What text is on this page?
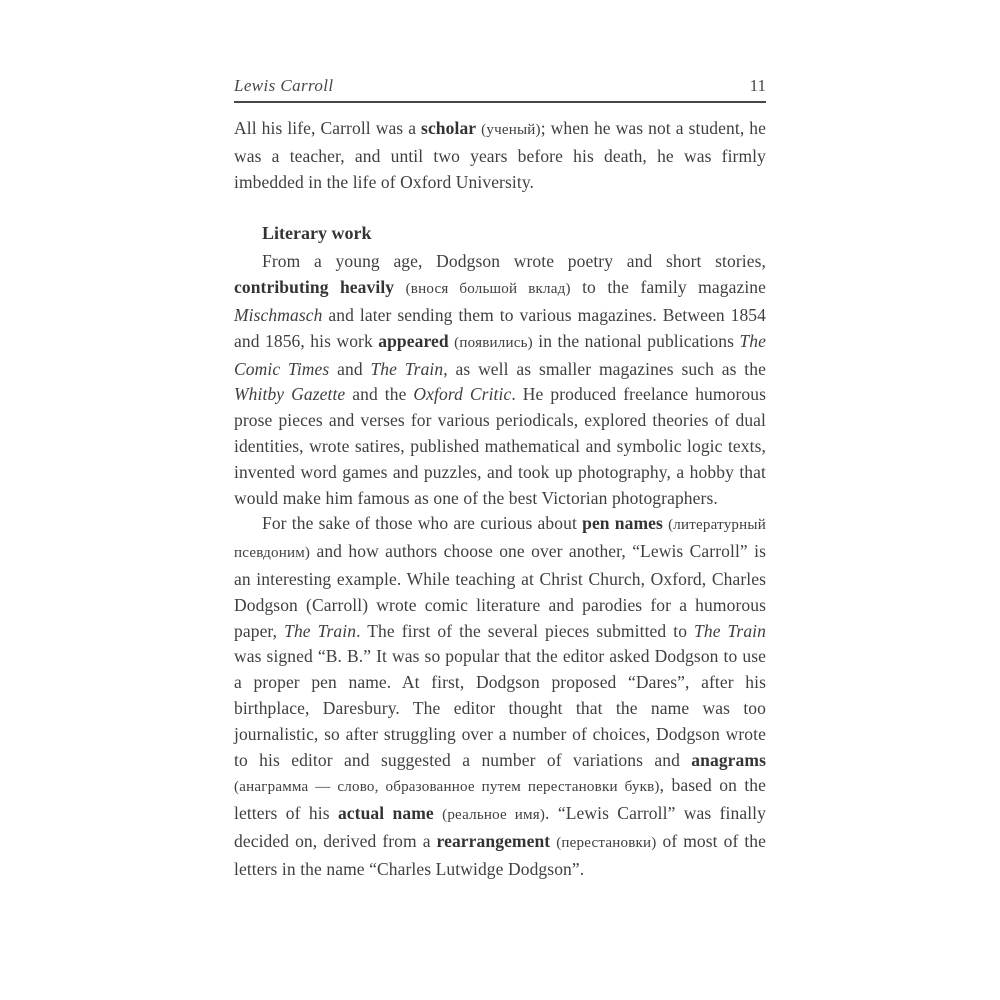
Lewis Carroll	11

All his life, Carroll was a scholar (ученый); when he was not a student, he was a teacher, and until two years before his death, he was firmly imbedded in the life of Oxford University.

Literary work

From a young age, Dodgson wrote poetry and short stories, contributing heavily (внося большой вклад) to the family magazine Mischmasch and later sending them to various magazines. Between 1854 and 1856, his work appeared (появились) in the national publications The Comic Times and The Train, as well as smaller magazines such as the Whitby Gazette and the Oxford Critic. He produced freelance humorous prose pieces and verses for various periodicals, explored theories of dual identities, wrote satires, published mathematical and symbolic logic texts, invented word games and puzzles, and took up photography, a hobby that would make him famous as one of the best Victorian photographers.

For the sake of those who are curious about pen names (литературный псевдоним) and how authors choose one over another, “Lewis Carroll” is an interesting example. While teaching at Christ Church, Oxford, Charles Dodgson (Carroll) wrote comic literature and parodies for a humorous paper, The Train. The first of the several pieces submitted to The Train was signed “B. B.” It was so popular that the editor asked Dodgson to use a proper pen name. At first, Dodgson proposed “Dares”, after his birthplace, Daresbury. The editor thought that the name was too journalistic, so after struggling over a number of choices, Dodgson wrote to his editor and suggested a number of variations and anagrams (анаграмма — слово, образованное путем перестановки букв), based on the letters of his actual name (реальное имя). “Lewis Carroll” was finally decided on, derived from a rearrangement (перестановки) of most of the letters in the name “Charles Lutwidge Dodgson”.
